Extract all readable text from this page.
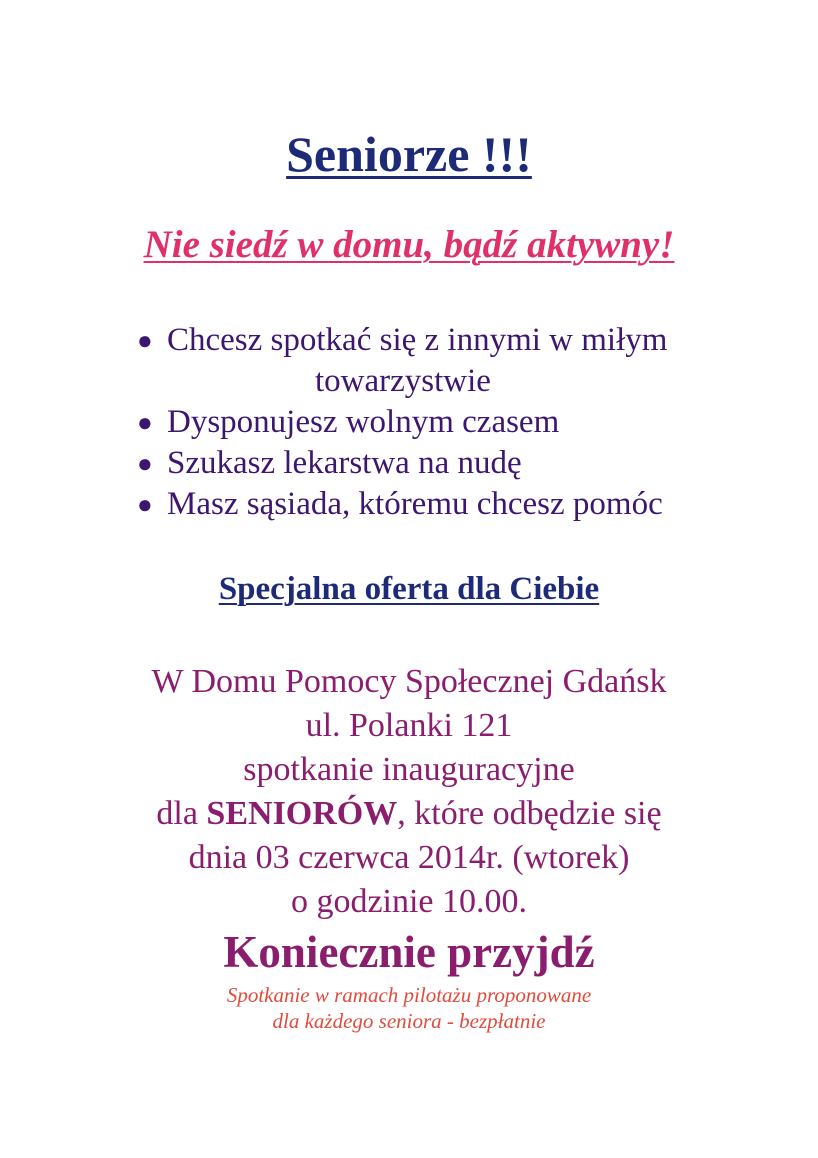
Seniorze !!!
Nie siedź w domu, bądź aktywny!
● Chcesz spotkać się z innymi w miłym
towarzystwie
● Dysponujesz wolnym czasem
● Szukasz lekarstwa na nudę
● Masz sąsiada, któremu chcesz pomóc
Specjalna oferta dla Ciebie

W Domu Pomocy Społecznej Gdańsk

ul. Polanki 121

spotkanie inauguracyjne

dla SENIORÓW, które odbędzie się

dnia 03 czerwca 2014r. (wtorek)

o godzinie 10.00.

Koniecznie przyjdź

Spotkanie w ramach pilotażu proponowane

dla każdego seniora - bezpłatnie
